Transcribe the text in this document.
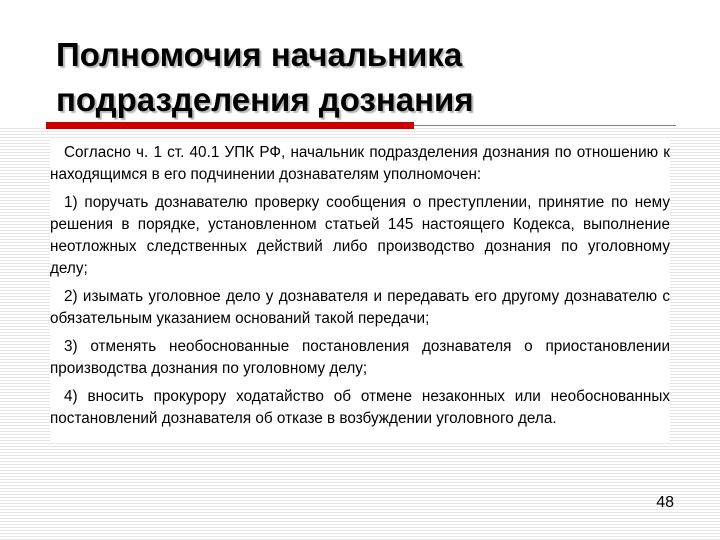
Полномочия начальника
подразделения дознания

Согласно ч. 1 ст. 40.1 УПК РФ, начальник подразделения дознания по отношению к находящимся в его подчинении дознавателям уполномочен:

1) поручать дознавателю проверку сообщения о преступлении, принятие по нему решения в порядке, установленном статьей 145 настоящего Кодекса, выполнение неотложных следственных действий либо производство дознания по уголовному делу;

2) изымать уголовное дело у дознавателя и передавать его другому дознавателю с обязательным указанием оснований такой передачи;

3) отменять необоснованные постановления дознавателя о приостановлении производства дознания по уголовному делу;

4) вносить прокурору ходатайство об отмене незаконных или необоснованных постановлений дознавателя об отказе в возбуждении уголовного дела.

48
